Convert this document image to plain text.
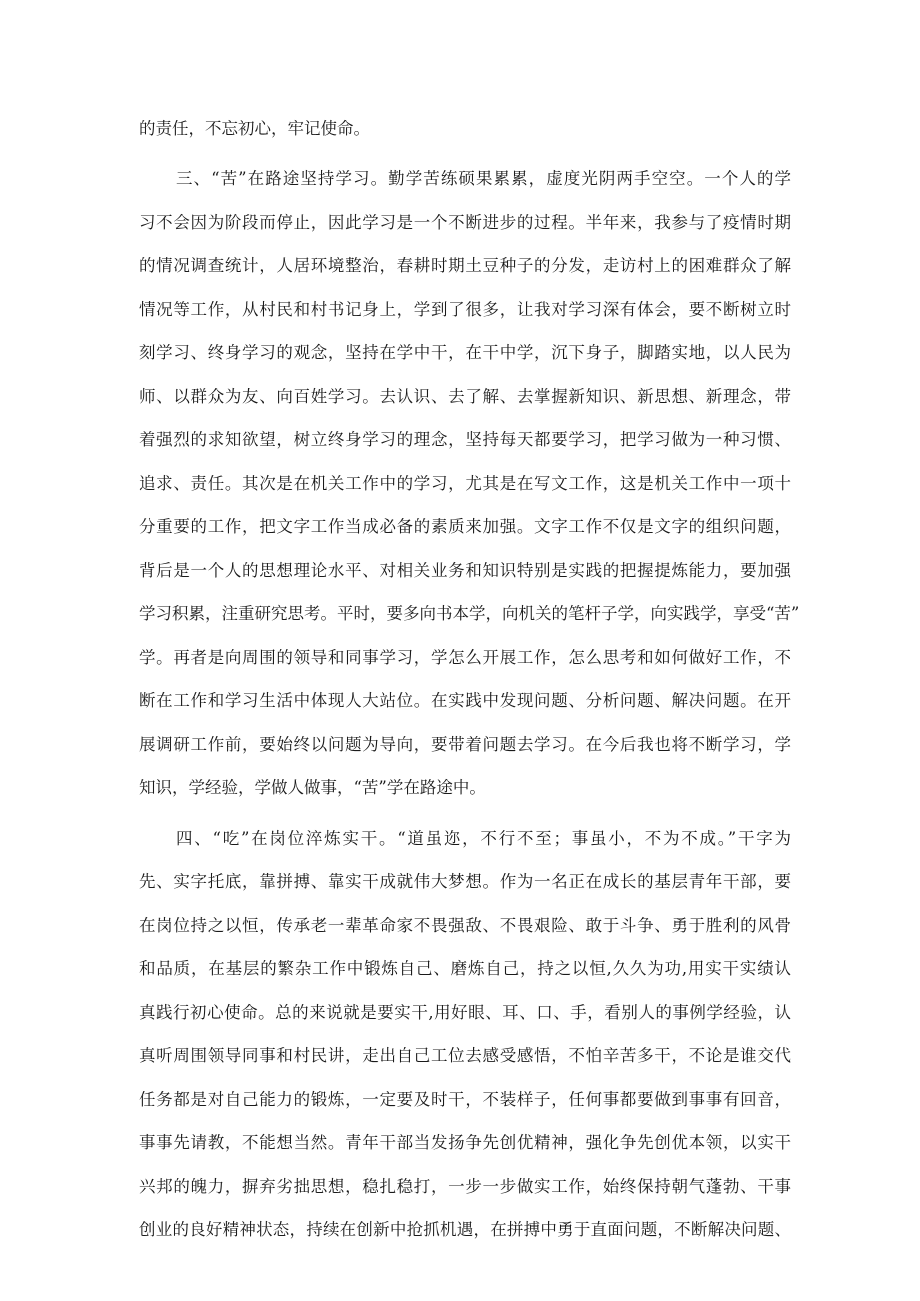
的责任，不忘初心，牢记使命。
三、“苦”在路途坚持学习。勤学苦练硕果累累，虚度光阴两手空空。一个人的学
习不会因为阶段而停止，因此学习是一个不断进步的过程。半年来，我参与了疫情时期
的情况调查统计，人居环境整治，春耕时期土豆种子的分发，走访村上的困难群众了解
情况等工作，从村民和村书记身上，学到了很多，让我对学习深有体会，要不断树立时
刻学习、终身学习的观念，坚持在学中干，在干中学，沉下身子，脚踏实地，以人民为
师、以群众为友、向百姓学习。去认识、去了解、去掌握新知识、新思想、新理念，带
着强烈的求知欲望，树立终身学习的理念，坚持每天都要学习，把学习做为一种习惯、
追求、责任。其次是在机关工作中的学习，尤其是在写文工作，这是机关工作中一项十
分重要的工作，把文字工作当成必备的素质来加强。文字工作不仅是文字的组织问题，
背后是一个人的思想理论水平、对相关业务和知识特别是实践的把握提炼能力，要加强
学习积累，注重研究思考。平时，要多向书本学，向机关的笔杆子学，向实践学，享受“苦”
学。再者是向周围的领导和同事学习，学怎么开展工作，怎么思考和如何做好工作，不
断在工作和学习生活中体现人大站位。在实践中发现问题、分析问题、解决问题。在开
展调研工作前，要始终以问题为导向，要带着问题去学习。在今后我也将不断学习，学
知识，学经验，学做人做事，“苦”学在路途中。
四、“吃”在岗位淬炼实干。“道虽迩，不行不至；事虽小，不为不成。”干字为
先、实字托底，靠拼搏、靠实干成就伟大梦想。作为一名正在成长的基层青年干部，要
在岗位持之以恒，传承老一辈革命家不畏强敌、不畏艰险、敢于斗争、勇于胜利的风骨
和品质，在基层的繁杂工作中锻炼自己、磨炼自己，持之以恒,久久为功,用实干实绩认
真践行初心使命。总的来说就是要实干,用好眼、耳、口、手，看别人的事例学经验，认
真听周围领导同事和村民讲，走出自己工位去感受感悟，不怕辛苦多干，不论是谁交代
任务都是对自己能力的锻炼，一定要及时干，不装样子，任何事都要做到事事有回音，
事事先请教，不能想当然。青年干部当发扬争先创优精神，强化争先创优本领，以实干
兴邦的魄力，摒弃劣拙思想，稳扎稳打，一步一步做实工作，始终保持朝气蓬勃、干事
创业的良好精神状态，持续在创新中抢抓机遇，在拼搏中勇于直面问题，不断解决问题、
